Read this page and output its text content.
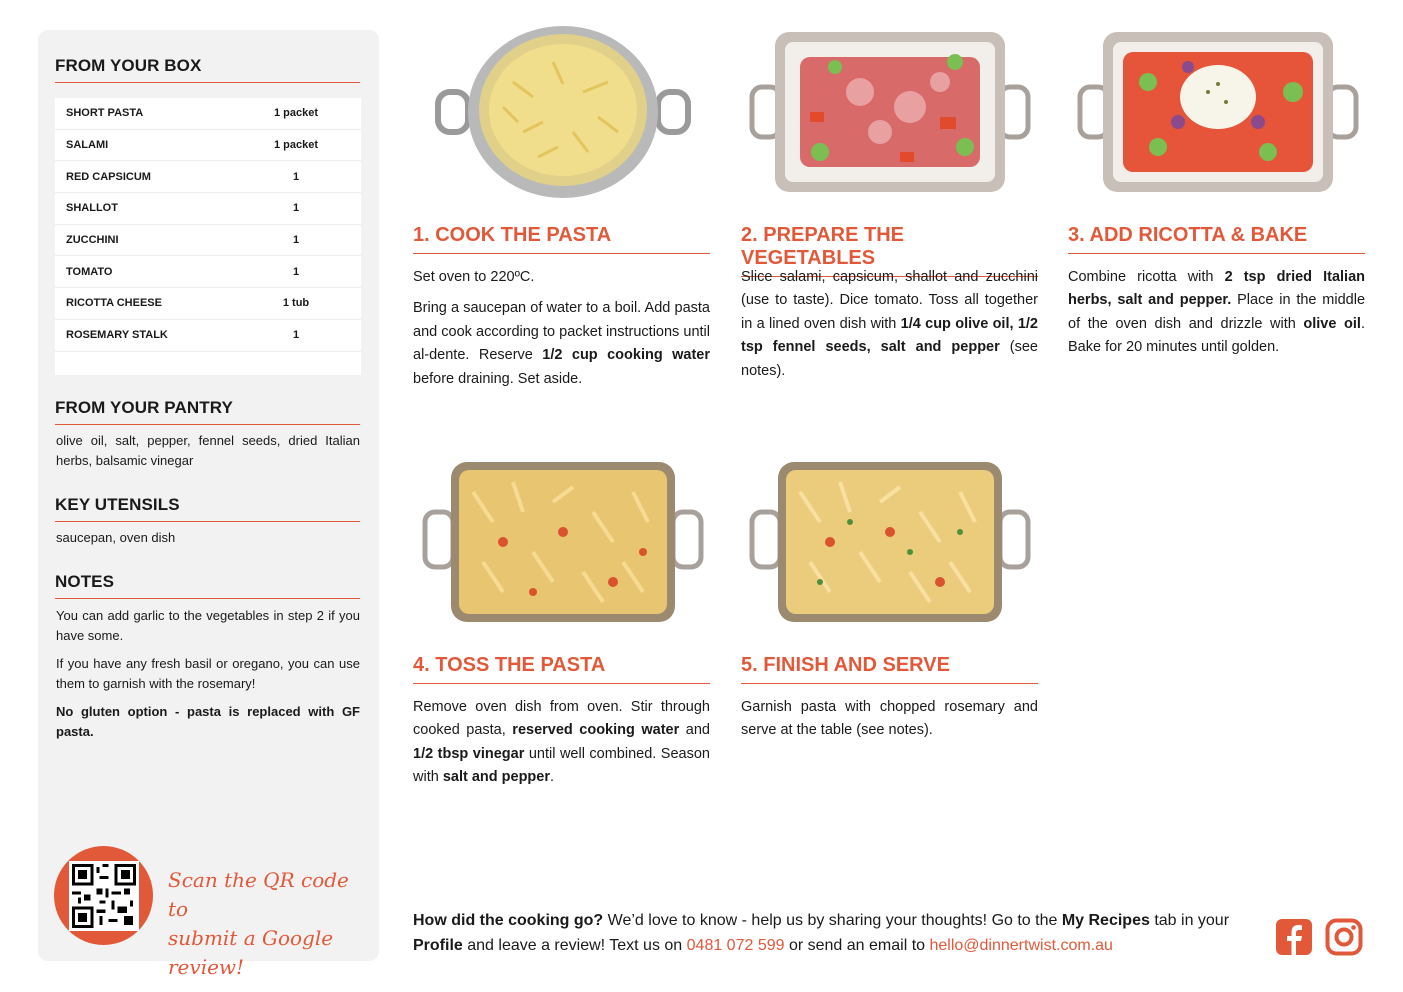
FROM YOUR BOX
SHORT PASTA	1 packet
SALAMI	1 packet
RED CAPSICUM	1
SHALLOT	1
ZUCCHINI	1
TOMATO	1
RICOTTA CHEESE	1 tub
ROSEMARY STALK	1
FROM YOUR PANTRY
olive oil, salt, pepper, fennel seeds, dried Italian herbs, balsamic vinegar
KEY UTENSILS
saucepan, oven dish
NOTES

You can add garlic to the vegetables in step 2 if you have some.

If you have any fresh basil or oregano, you can use them to garnish with the rosemary!

No gluten option - pasta is replaced with GF pasta.

Scan the QR code to
submit a Google review!
1. COOK THE PASTA

Set oven to 220ºC.

Bring a saucepan of water to a boil. Add pasta and cook according to packet instructions until al-dente. Reserve 1/2 cup cooking water before draining. Set aside.

2. PREPARE THE VEGETABLES

Slice salami, capsicum, shallot and zucchini (use to taste). Dice tomato. Toss all together in a lined oven dish with 1/4 cup olive oil, 1/2 tsp fennel seeds, salt and pepper (see notes).

3. ADD RICOTTA & BAKE

Combine ricotta with 2 tsp dried Italian herbs, salt and pepper. Place in the middle of the oven dish and drizzle with olive oil. Bake for 20 minutes until golden.

4. TOSS THE PASTA

Remove oven dish from oven. Stir through cooked pasta, reserved cooking water and 1/2 tbsp vinegar until well combined. Season with salt and pepper.

5. FINISH AND SERVE

Garnish pasta with chopped rosemary and serve at the table (see notes).

How did the cooking go? We’d love to know - help us by sharing your thoughts! Go to the My Recipes tab in your Profile and leave a review! Text us on 0481 072 599 or send an email to hello@dinnertwist.com.au
